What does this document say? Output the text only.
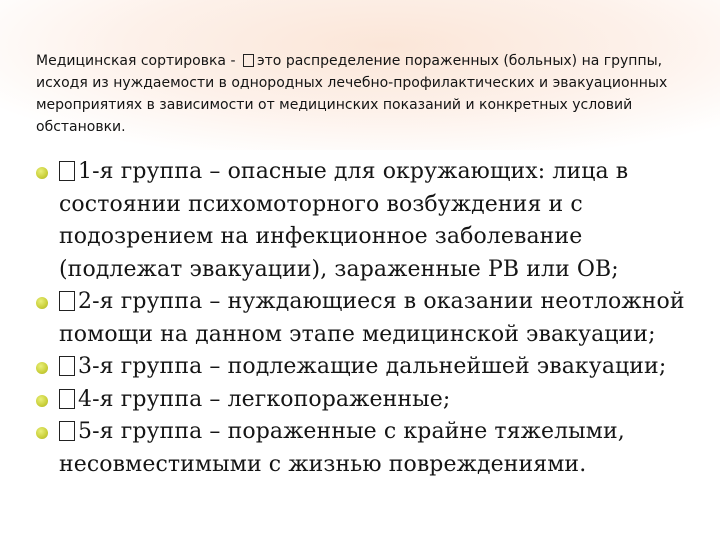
Медицинская сортировка - это распределение пораженных (больных) на группы, исходя из нуждаемости в однородных лечебно-профилактических и эвакуационных мероприятиях в зависимости от медицинских показаний и конкретных условий обстановки.
1-я группа – опасные для окружающих: лица в состоянии психомоторного возбуждения и с подозрением на инфекционное заболевание (подлежат эвакуации), зараженные РВ или ОВ;
2-я группа – нуждающиеся в оказании неотложной помощи на данном этапе медицинской эвакуации;
3-я группа – подлежащие дальнейшей эвакуации;
4-я группа – легкопораженные;
5-я группа – пораженные с крайне тяжелыми, несовместимыми с жизнью повреждениями.
